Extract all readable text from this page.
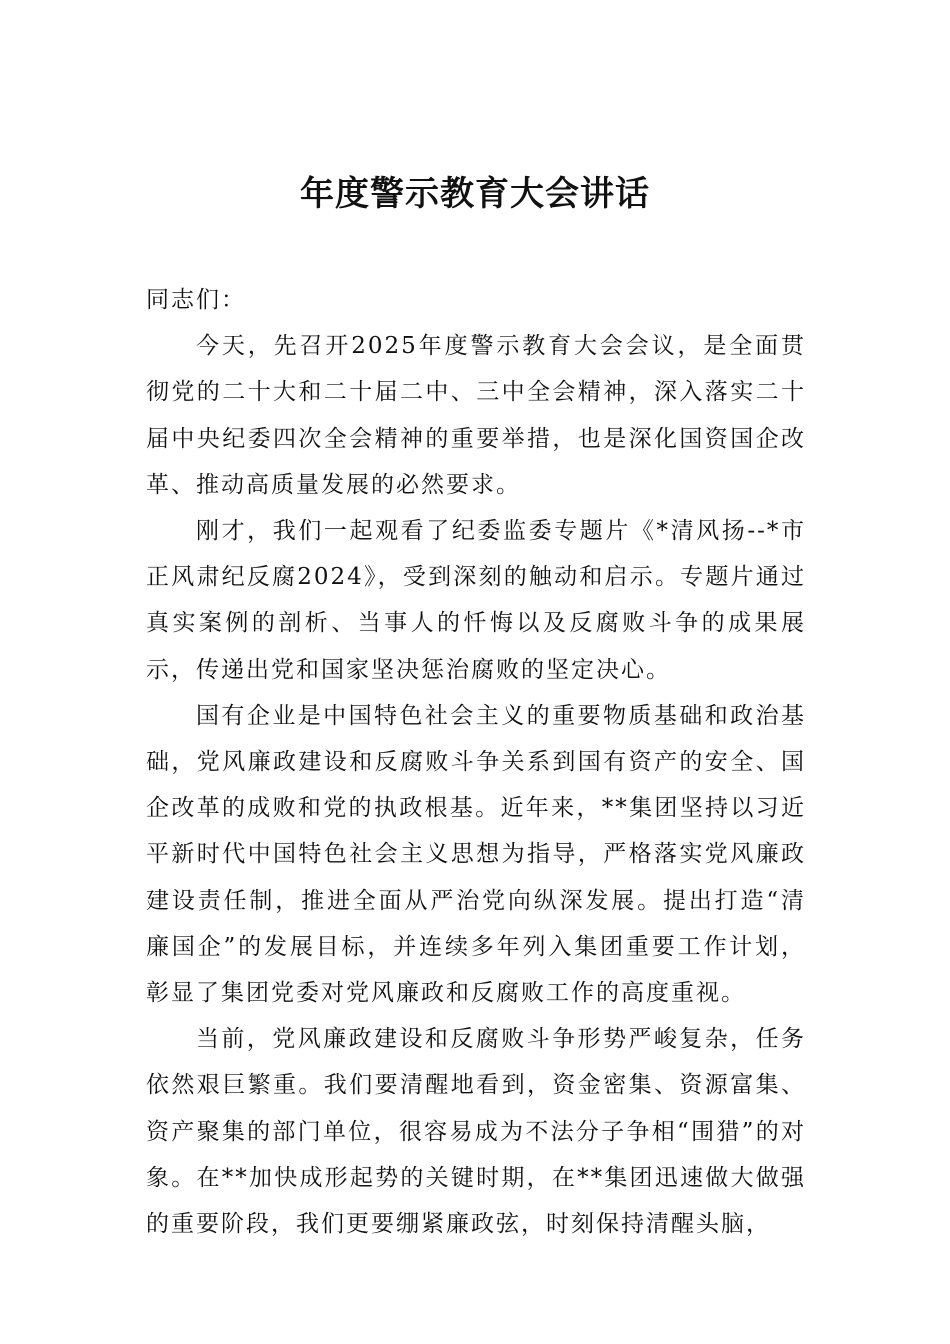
年度警示教育大会讲话

同志们：

今天，先召开2025年度警示教育大会会议，是全面贯彻党的二十大和二十届二中、三中全会精神，深入落实二十届中央纪委四次全会精神的重要举措，也是深化国资国企改革、推动高质量发展的必然要求。

刚才，我们一起观看了纪委监委专题片《*清风扬--*市正风肃纪反腐2024》，受到深刻的触动和启示。专题片通过真实案例的剖析、当事人的忏悔以及反腐败斗争的成果展示，传递出党和国家坚决惩治腐败的坚定决心。

国有企业是中国特色社会主义的重要物质基础和政治基础，党风廉政建设和反腐败斗争关系到国有资产的安全、国企改革的成败和党的执政根基。近年来，**集团坚持以习近平新时代中国特色社会主义思想为指导，严格落实党风廉政建设责任制，推进全面从严治党向纵深发展。提出打造“清廉国企”的发展目标，并连续多年列入集团重要工作计划，彰显了集团党委对党风廉政和反腐败工作的高度重视。

当前，党风廉政建设和反腐败斗争形势严峻复杂，任务依然艰巨繁重。我们要清醒地看到，资金密集、资源富集、资产聚集的部门单位，很容易成为不法分子争相“围猎”的对象。在**加快成形起势的关键时期，在**集团迅速做大做强的重要阶段，我们更要绷紧廉政弦，时刻保持清醒头脑，
